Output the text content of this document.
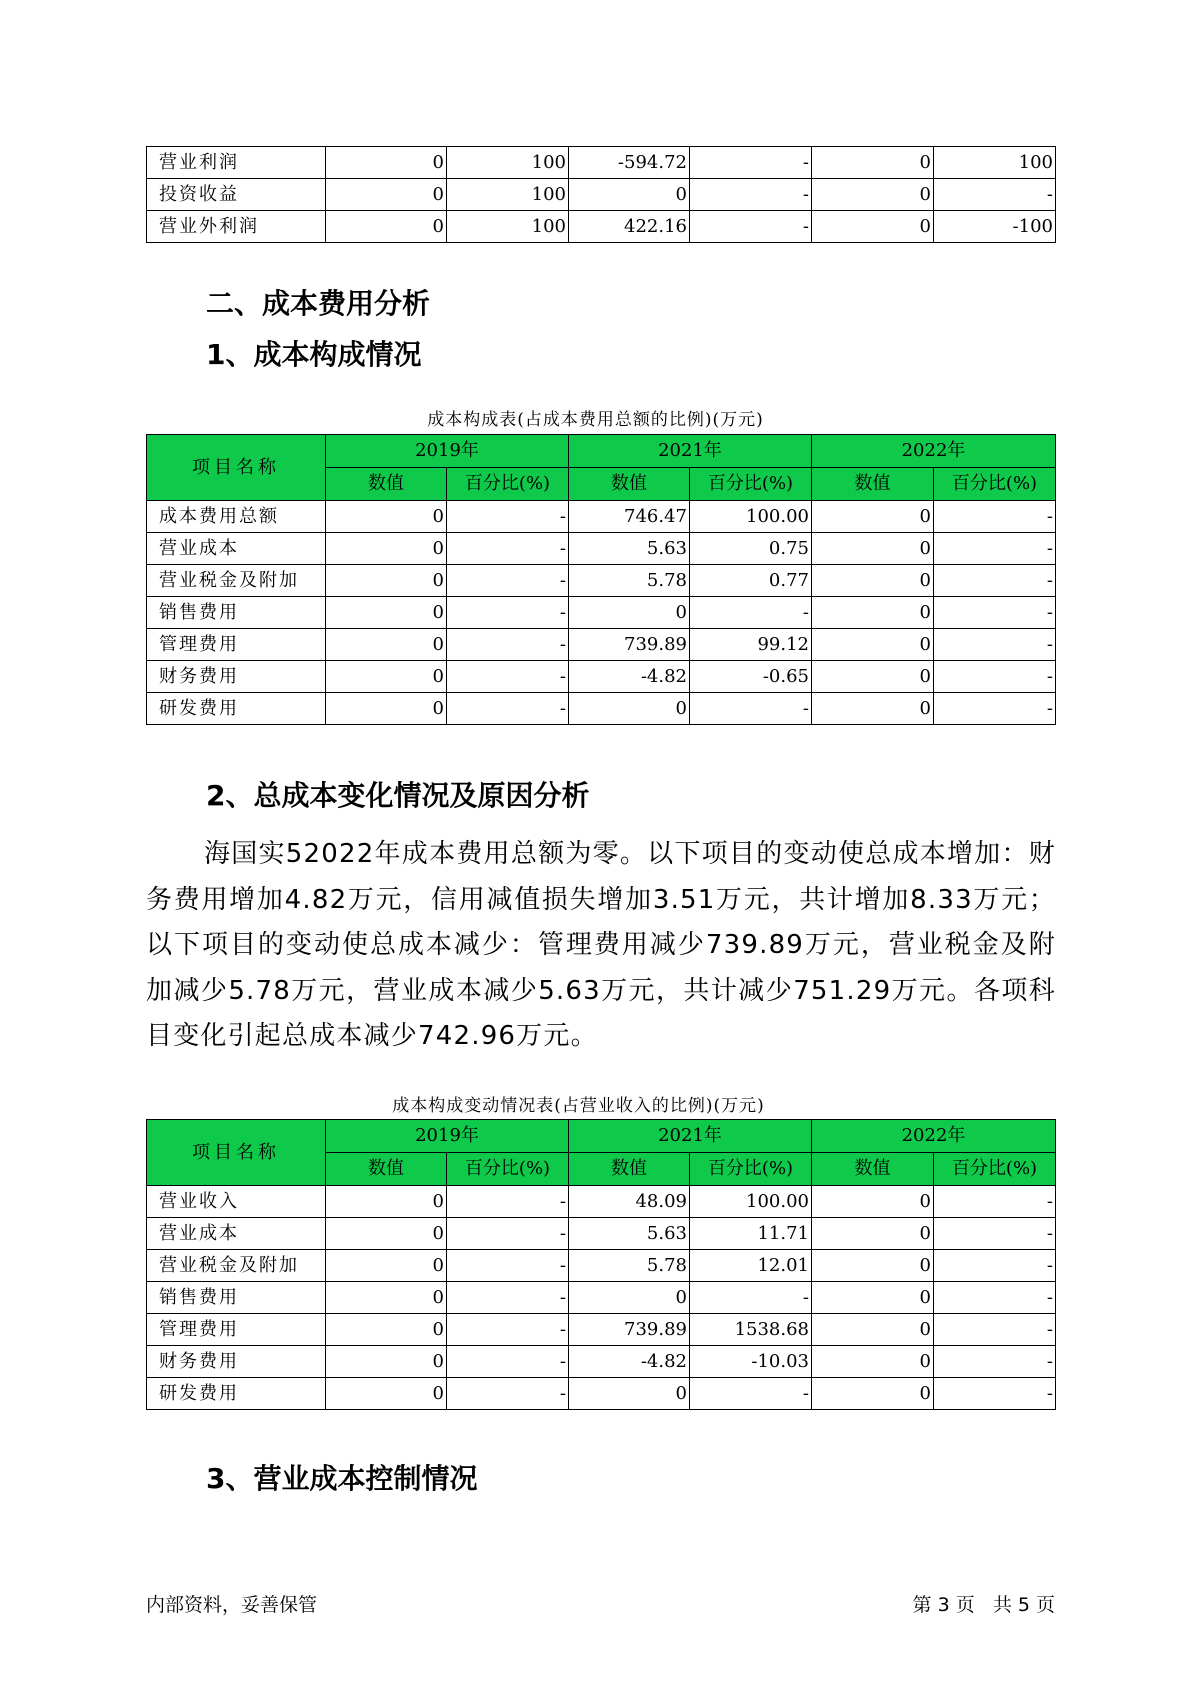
营业利润	0	100	-594.72	-	0	100
投资收益	0	100	0	-	0	-
营业外利润	0	100	422.16	-	0	-100
二、成本费用分析
1、成本构成情况
成本构成表(占成本费用总额的比例)(万元)
项目名称	2019年		2021年		2022年	
	数值	百分比(%)	数值	百分比(%)	数值	百分比(%)
成本费用总额	0	-	746.47	100.00	0	-
营业成本	0	-	5.63	0.75	0	-
营业税金及附加	0	-	5.78	0.77	0	-
销售费用	0	-	0	-	0	-
管理费用	0	-	739.89	99.12	0	-
财务费用	0	-	-4.82	-0.65	0	-
研发费用	0	-	0	-	0	-
2、总成本变化情况及原因分析
海国实52022年成本费用总额为零。以下项目的变动使总成本增加：财务费用增加4.82万元，信用减值损失增加3.51万元，共计增加8.33万元；以下项目的变动使总成本减少：管理费用减少739.89万元，营业税金及附加减少5.78万元，营业成本减少5.63万元，共计减少751.29万元。各项科目变化引起总成本减少742.96万元。
成本构成变动情况表(占营业收入的比例)(万元)
项目名称	2019年		2021年		2022年	
	数值	百分比(%)	数值	百分比(%)	数值	百分比(%)
营业收入	0	-	48.09	100.00	0	-
营业成本	0	-	5.63	11.71	0	-
营业税金及附加	0	-	5.78	12.01	0	-
销售费用	0	-	0	-	0	-
管理费用	0	-	739.89	1538.68	0	-
财务费用	0	-	-4.82	-10.03	0	-
研发费用	0	-	0	-	0	-
3、营业成本控制情况
内部资料，妥善保管	第 3 页   共 5 页
